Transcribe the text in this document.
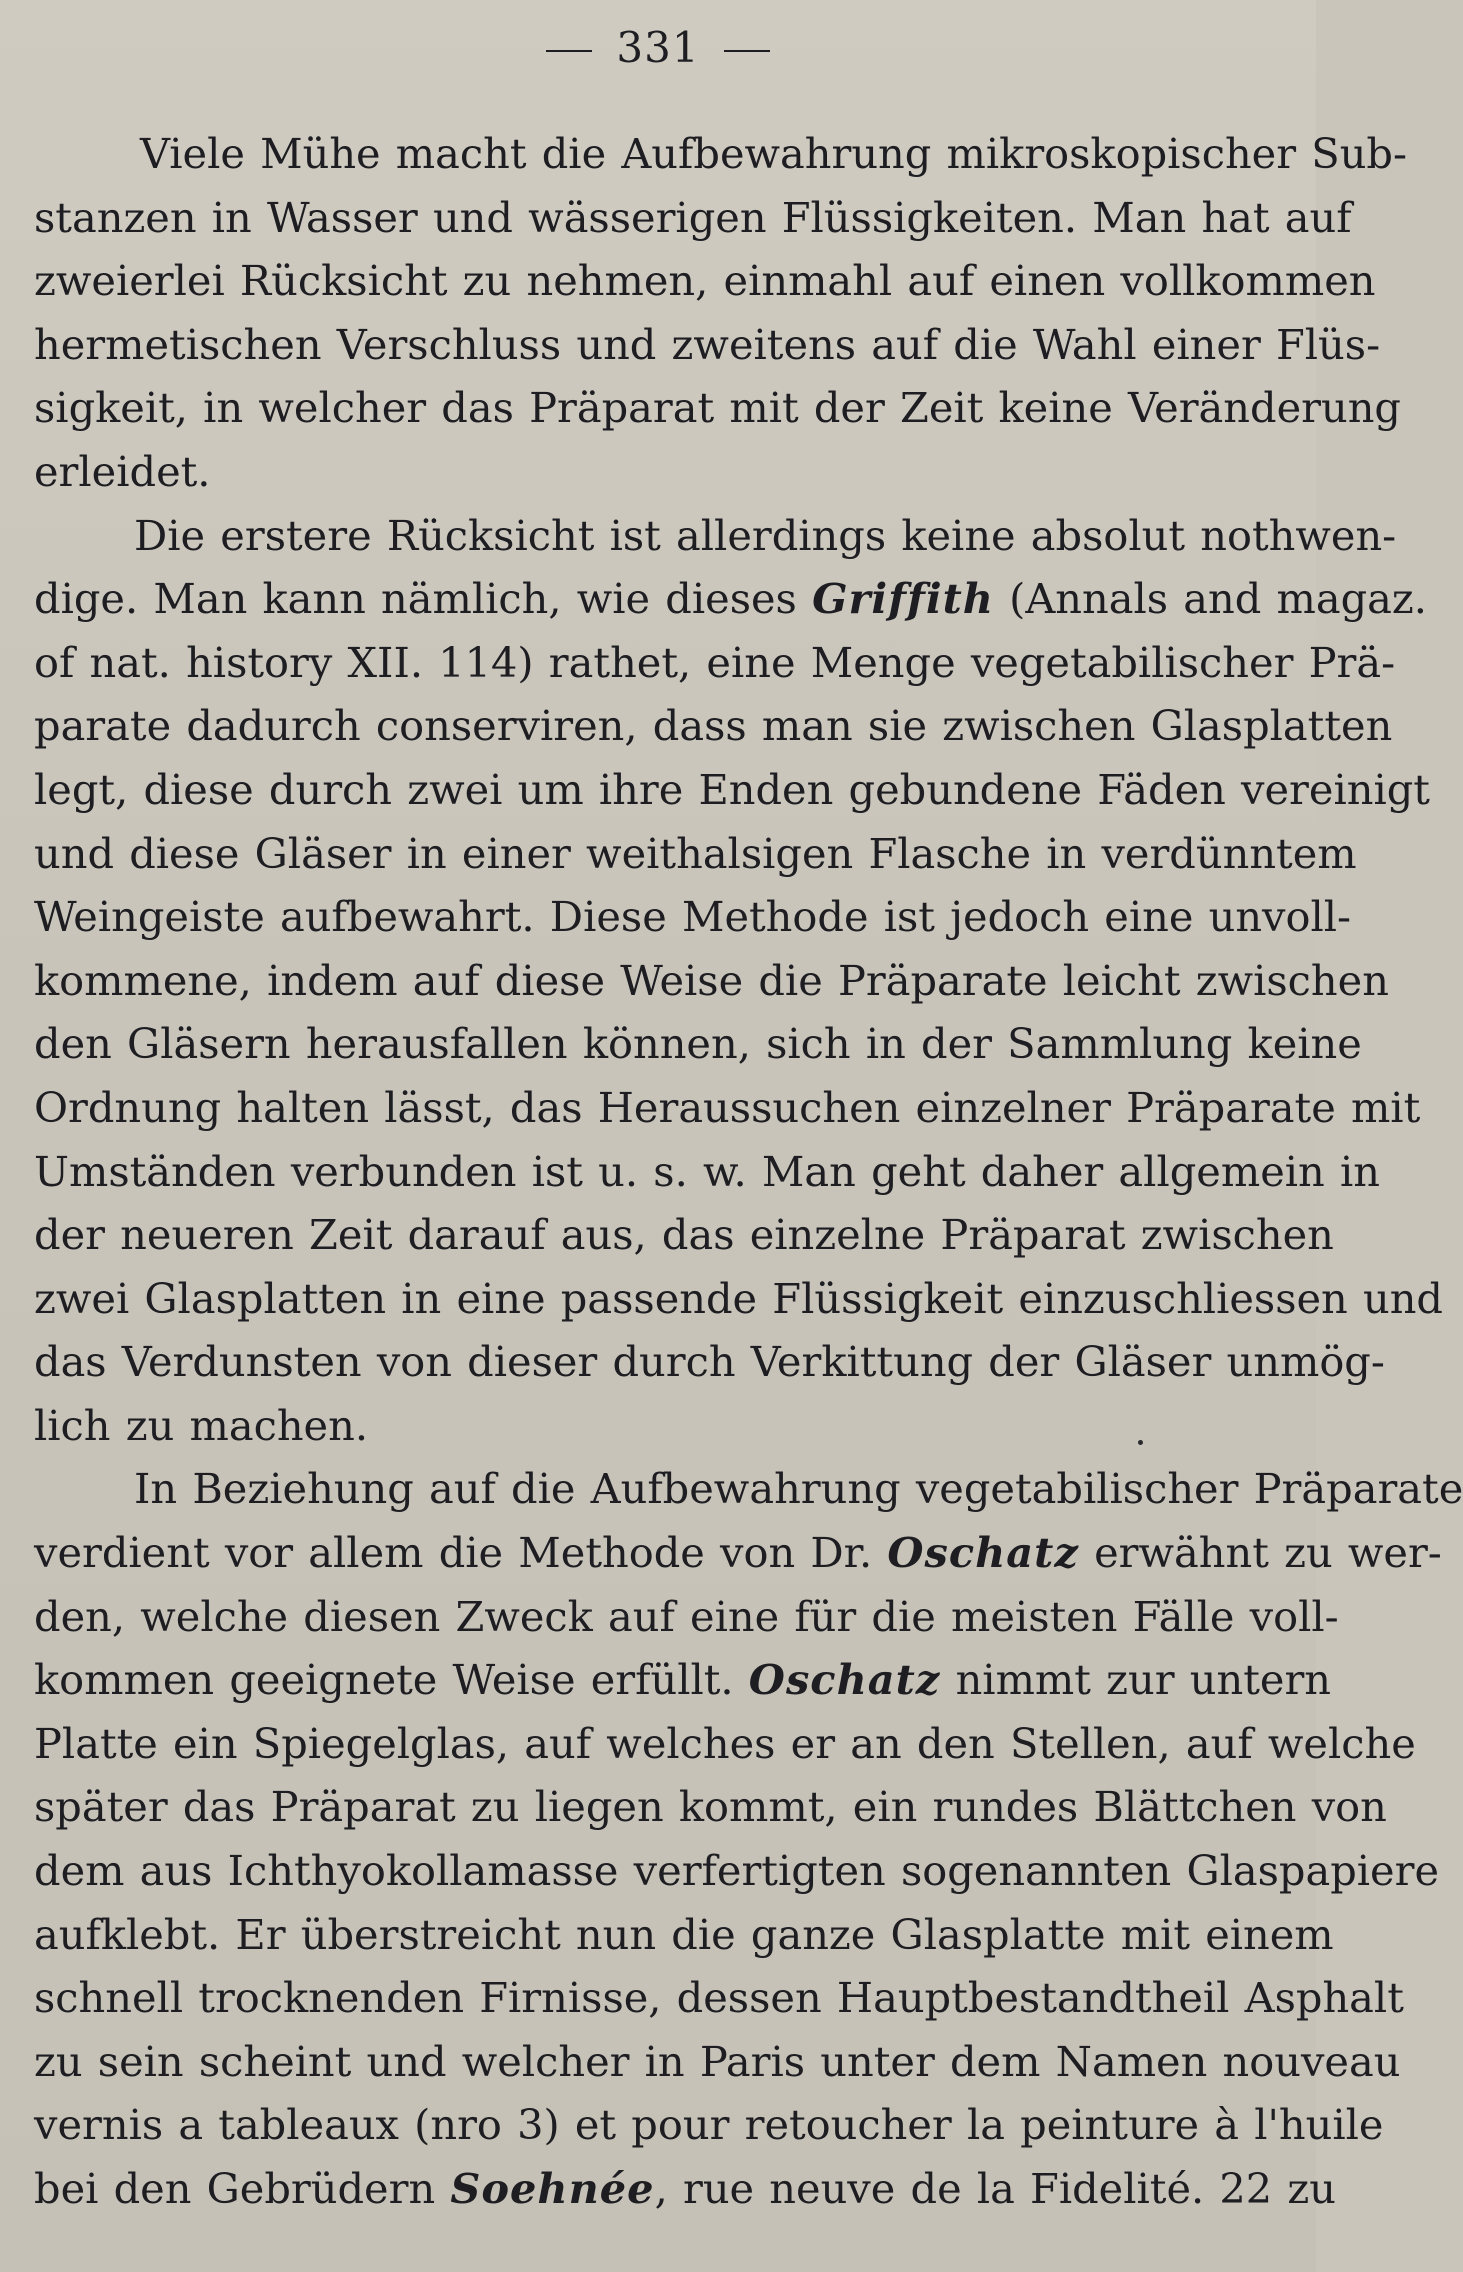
331
Viele Mühe macht die Aufbewahrung mikroskopischer Sub-
stanzen in Wasser und wässerigen Flüssigkeiten. Man hat auf
zweierlei Rücksicht zu nehmen, einmahl auf einen vollkommen
hermetischen Verschluss und zweitens auf die Wahl einer Flüs-
sigkeit, in welcher das Präparat mit der Zeit keine Veränderung
erleidet.
Die erstere Rücksicht ist allerdings keine absolut nothwen-
dige. Man kann nämlich, wie dieses Griffith (Annals and magaz.
of nat. history XII. 114) rathet, eine Menge vegetabilischer Prä-
parate dadurch conserviren, dass man sie zwischen Glasplatten
legt, diese durch zwei um ihre Enden gebundene Fäden vereinigt
und diese Gläser in einer weithalsigen Flasche in verdünntem
Weingeiste aufbewahrt. Diese Methode ist jedoch eine unvoll-
kommene, indem auf diese Weise die Präparate leicht zwischen
den Gläsern herausfallen können, sich in der Sammlung keine
Ordnung halten lässt, das Heraussuchen einzelner Präparate mit
Umständen verbunden ist u. s. w. Man geht daher allgemein in
der neueren Zeit darauf aus, das einzelne Präparat zwischen
zwei Glasplatten in eine passende Flüssigkeit einzuschliessen und
das Verdunsten von dieser durch Verkittung der Gläser unmög-
lich zu machen.
In Beziehung auf die Aufbewahrung vegetabilischer Präparate
verdient vor allem die Methode von Dr. Oschatz erwähnt zu wer-
den, welche diesen Zweck auf eine für die meisten Fälle voll-
kommen geeignete Weise erfüllt. Oschatz nimmt zur untern
Platte ein Spiegelglas, auf welches er an den Stellen, auf welche
später das Präparat zu liegen kommt, ein rundes Blättchen von
dem aus Ichthyokollamasse verfertigten sogenannten Glaspapiere
aufklebt. Er überstreicht nun die ganze Glasplatte mit einem
schnell trocknenden Firnisse, dessen Hauptbestandtheil Asphalt
zu sein scheint und welcher in Paris unter dem Namen nouveau
vernis a tableaux (nro 3) et pour retoucher la peinture à l'huile
bei den Gebrüdern Soehnée, rue neuve de la Fidelité. 22 zu
